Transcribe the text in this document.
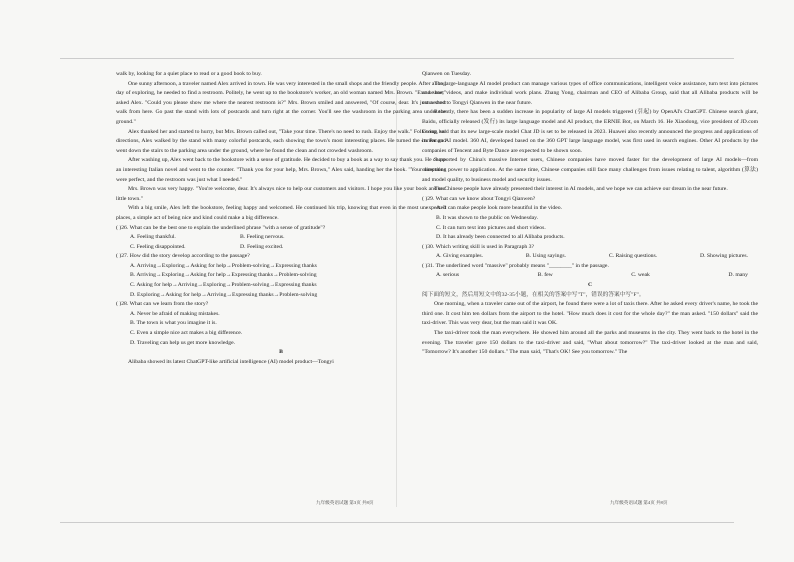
walk by, looking for a quiet place to read or a good book to buy.

One sunny afternoon, a traveler named Alex arrived in town. He was very interested in the small shops and the friendly people. After a long day of exploring, he needed to find a restroom. Politely, he went up to the bookstore's worker, an old woman named Mrs. Brown. "Excuse me," asked Alex. "Could you please show me where the nearest restroom is?" Mrs. Brown smiled and answered, "Of course, dear. It's just a short walk from here. Go past the stand with lots of postcards and turn right at the corner. You'll see the washroom in the parking area under the ground."

Alex thanked her and started to hurry, but Mrs. Brown called out, "Take your time. There's no need to rush. Enjoy the walk." Following her directions, Alex walked by the stand with many colorful postcards, each showing the town's most interesting places. He turned the corner and went down the stairs to the parking area under the ground, where he found the clean and not crowded washroom.

After washing up, Alex went back to the bookstore with a sense of gratitude. He decided to buy a book as a way to say thank you. He chose an interesting Italian novel and went to the counter. "Thank you for your help, Mrs. Brown," Alex said, handing her the book. "Your directions were perfect, and the restroom was just what I needed."

Mrs. Brown was very happy. "You're welcome, dear. It's always nice to help our customers and visitors. I hope you like your book and our little town."

With a big smile, Alex left the bookstore, feeling happy and welcomed. He continued his trip, knowing that even in the most unexpected places, a simple act of being nice and kind could make a big difference.

( )26. What can be the best one to explain the underlined phrase "with a sense of gratitude"?

A. Feeling thankful.	B. Feeling nervous.
C. Feeling disappointed.	D. Feeling excited.

( )27. How did the story develop according to the passage?

A. Arriving→Exploring→Asking for help→Problem-solving→Expressing thanks

B. Arriving→Exploring→Asking for help→Expressing thanks→Problem-solving

C. Asking for help→Arriving→Exploring→Problem-solving→Expressing thanks

D. Exploring→Asking for help→Arriving→Expressing thanks→Problem-solving

( )28. What can we learn from the story?

A. Never be afraid of making mistakes.

B. The town is what you imagine it is.

C. Even a simple nice act makes a big difference.

D. Traveling can help us get more knowledge.

B

Alibaba showed its latest ChatGPT-like artificial intelligence (AI) model product—Tongyi

九年级英语试题 第3页 共8页

Qianwen on Tuesday.

The large-language AI model product can manage various types of office communications, intelligent voice assistance, turn text into pictures and short videos, and make individual work plans. Zhang Yong, chairman and CEO of Alibaba Group, said that all Alibaba products will be connected to Tongyi Qianwen in the near future.

Recently, there has been a sudden increase in popularity of large AI models triggered (引起) by OpenAI's ChatGPT. Chinese search giant, Baidu, officially released (发行) its large language model and AI product, the ERNIE Bot, on March 16. He Xiaodong, vice president of JD.com Group, said that its new large-scale model Chat JD is set to be released in 2023. Huawei also recently announced the progress and applications of its Pangu AI model. 360 AI, developed based on the 360 GPT large language model, was first used in search engines. Other AI products by the companies of Tencent and Byte Dance are expected to be shown soon.

Supported by China's massive Internet users, Chinese companies have moved faster for the development of large AI models—from computing power to application. At the same time, Chinese companies still face many challenges from issues relating to talent, algorithm (算法) and model quality, to business model and security issues.

The Chinese people have already presented their interest in AI models, and we hope we can achieve our dream in the near future.

( )29. What can we know about Tongyi Qianwen?

A. It can make people look more beautiful in the video.

B. It was shown to the public on Wednesday.

C. It can turn text into pictures and short videos.

D. It has already been connected to all Alibaba products.

( )30. Which writing skill is used in Paragraph 3?

A. Giving examples.	B. Using sayings.	C. Raising questions.	D. Showing pictures.

( )31. The underlined word "massive" probably means "________" in the passage.

A. serious	B. few	C. weak	D. many

C

阅下面的短文，然后用短文中的32-35小题，在相关的答案中写"T"，错误的答案中写"F"。

One morning, when a traveler came out of the airport, he found there were a lot of taxis there. After he asked every driver's name, he took the third one. It cost him ten dollars from the airport to the hotel. "How much does it cost for the whole day?" the man asked. "150 dollars" said the taxi-driver. This was very dear, but the man said it was OK.

The taxi-driver took the man everywhere. He showed him around all the parks and museums in the city. They went back to the hotel in the evening. The traveler gave 150 dollars to the taxi-driver and said, "What about tomorrow?" The taxi-driver looked at the man and said, "Tomorrow? It's another 150 dollars." The man said, "That's OK! See you tomorrow." The

九年级英语试题 第4页 共8页
